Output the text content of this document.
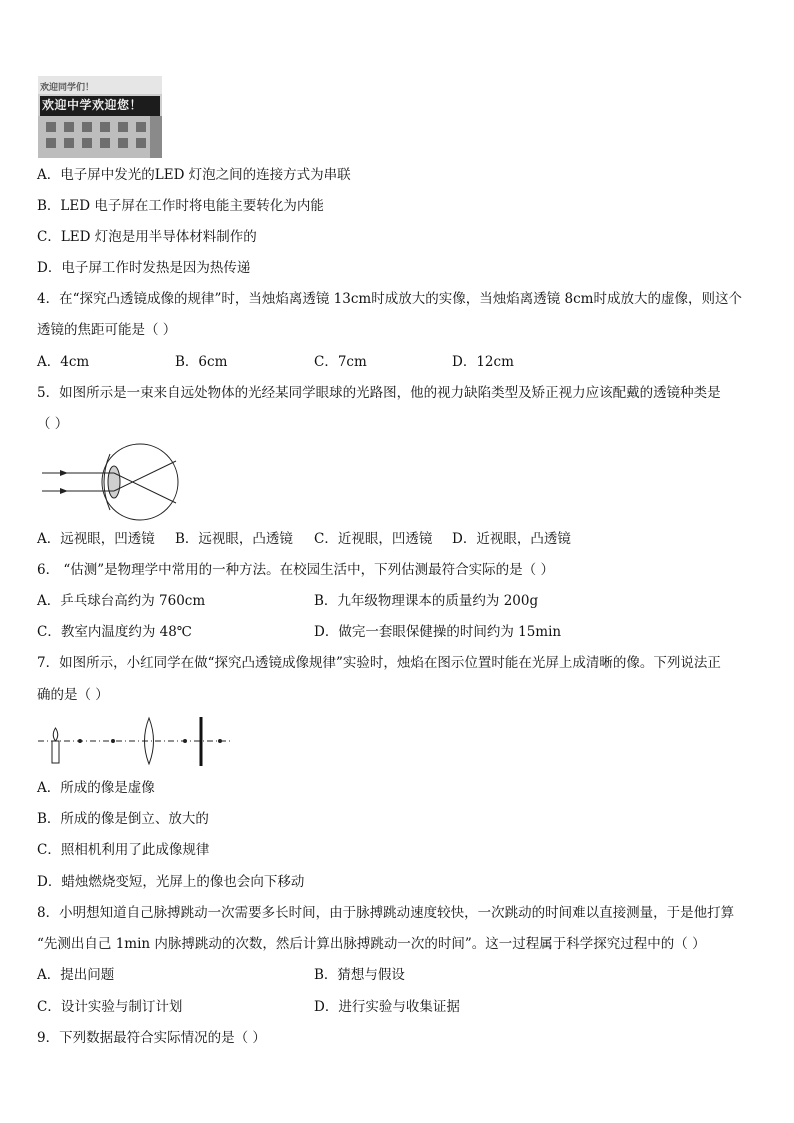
欢迎同学们！
欢迎中学欢迎您！
A．电子屏中发光的LED 灯泡之间的连接方式为串联
B．LED 电子屏在工作时将电能主要转化为内能
C．LED 灯泡是用半导体材料制作的
D．电子屏工作时发热是因为热传递
4．在“探究凸透镜成像的规律”时，当烛焰离透镜 13cm时成放大的实像，当烛焰离透镜 8cm时成放大的虚像，则这个
透镜的焦距可能是（ ）
A．4cm	B．6cm	C．7cm	D．12cm
5．如图所示是一束来自远处物体的光经某同学眼球的光路图，他的视力缺陷类型及矫正视力应该配戴的透镜种类是
（ ）
A．远视眼，凹透镜 B．远视眼，凸透镜 C．近视眼，凹透镜 D．近视眼，凸透镜
6． “估测”是物理学中常用的一种方法。在校园生活中，下列估测最符合实际的是（ ）
A．乒乓球台高约为 760cm	B．九年级物理课本的质量约为 200g
C．教室内温度约为 48℃	D．做完一套眼保健操的时间约为 15min
7．如图所示，小红同学在做“探究凸透镜成像规律”实验时，烛焰在图示位置时能在光屏上成清晰的像。下列说法正
确的是（ ）
A．所成的像是虚像
B．所成的像是倒立、放大的
C．照相机利用了此成像规律
D．蜡烛燃烧变短，光屏上的像也会向下移动
8．小明想知道自己脉搏跳动一次需要多长时间，由于脉搏跳动速度较快，一次跳动的时间难以直接测量，于是他打算
“先测出自己 1min 内脉搏跳动的次数，然后计算出脉搏跳动一次的时间”。这一过程属于科学探究过程中的（ ）
A．提出问题	B．猜想与假设
C．设计实验与制订计划	D．进行实验与收集证据
9．下列数据最符合实际情况的是（ ）
